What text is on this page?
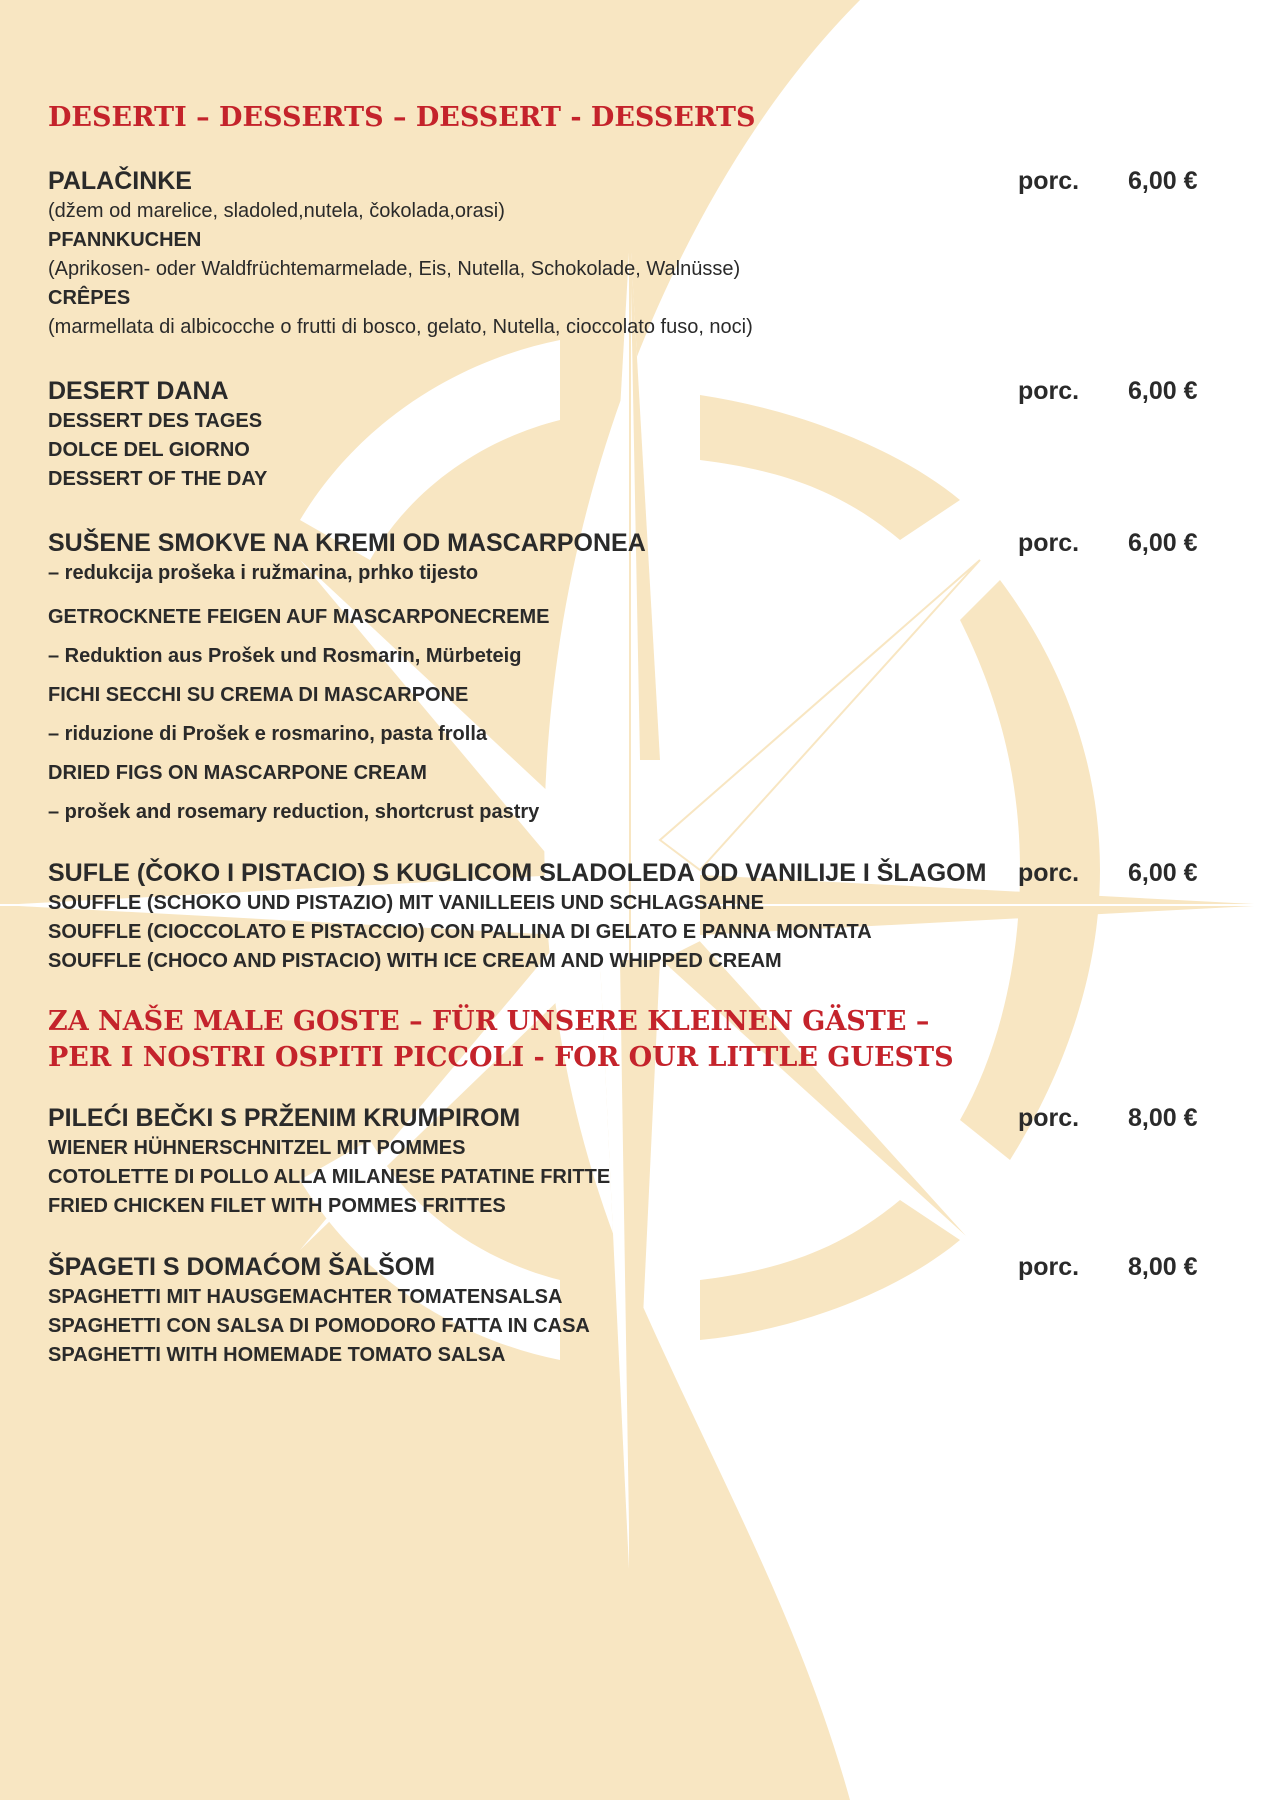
DESERTI – DESSERTS – DESSERT - DESSERTS
PALAČINKE	porc. 6,00 €
(džem od marelice, sladoled,nutela, čokolada,orasi)
PFANNKUCHEN
(Aprikosen- oder Waldfrüchtemarmelade, Eis, Nutella, Schokolade, Walnüsse)
CRÊPES
(marmellata di albicocche o frutti di bosco, gelato, Nutella, cioccolato fuso, noci)
DESERT DANA	porc. 6,00 €
DESSERT DES TAGES
DOLCE DEL GIORNO
DESSERT OF THE DAY
SUŠENE SMOKVE NA KREMI OD MASCARPONEA	porc. 6,00 €
– redukcija prošeka i ružmarina, prhko tijesto
GETROCKNETE FEIGEN AUF MASCARPONECREME
– Reduktion aus Prošek und Rosmarin, Mürbeteig
FICHI SECCHI SU CREMA DI MASCARPONE
– riduzione di Prošek e rosmarino, pasta frolla
DRIED FIGS ON MASCARPONE CREAM
– prošek and rosemary reduction, shortcrust pastry
SUFLE (ČOKO I PISTACIO) S KUGLICOM SLADOLEDA OD VANILIJE I ŠLAGOM	porc. 6,00 €
SOUFFLE (SCHOKO UND PISTAZIO) MIT VANILLEEIS UND SCHLAGSAHNE
SOUFFLE (CIOCCOLATO E PISTACCIO) CON PALLINA DI GELATO E PANNA MONTATA
SOUFFLE (CHOCO AND PISTACIO) WITH ICE CREAM AND WHIPPED CREAM
ZA NAŠE MALE GOSTE – FÜR UNSERE KLEINEN GÄSTE –
PER I NOSTRI OSPITI PICCOLI - FOR OUR LITTLE GUESTS
PILEĆI BEČKI S PRŽENIM KRUMPIROM	porc. 8,00 €
WIENER HÜHNERSCHNITZEL MIT POMMES
COTOLETTE DI POLLO ALLA MILANESE PATATINE FRITTE
FRIED CHICKEN FILET WITH POMMES FRITTES
ŠPAGETI S DOMAĆOM ŠALŠOM	porc. 8,00 €
SPAGHETTI MIT HAUSGEMACHTER TOMATENSALSA
SPAGHETTI CON SALSA DI POMODORO FATTA IN CASA
SPAGHETTI WITH HOMEMADE TOMATO SALSA
